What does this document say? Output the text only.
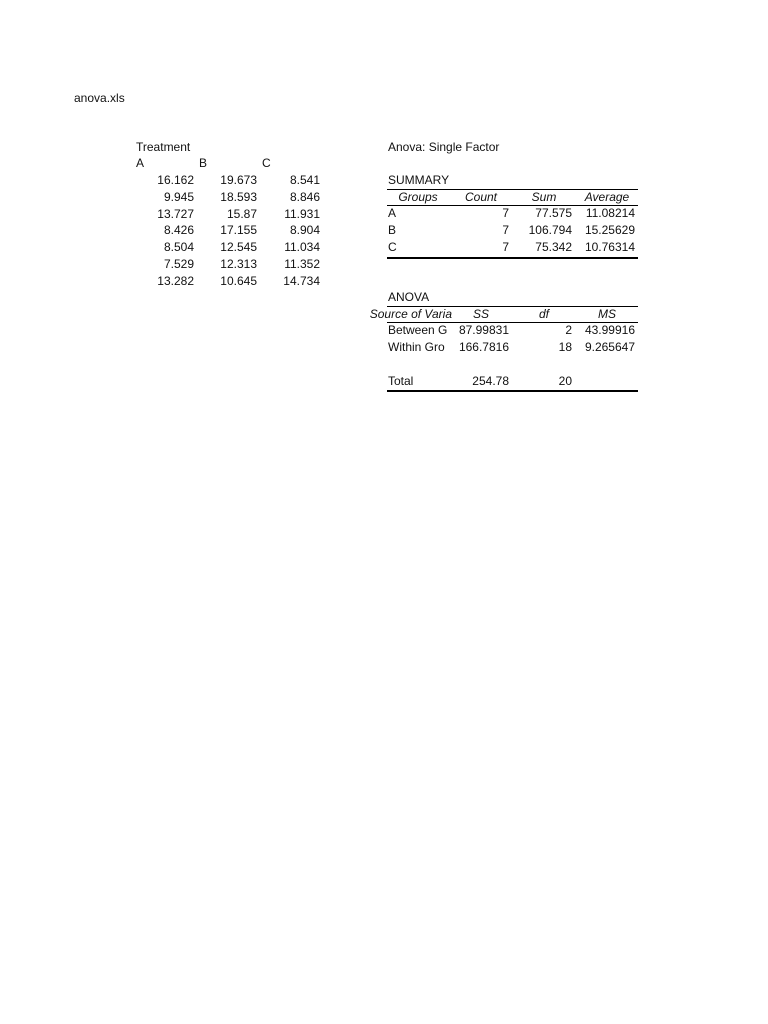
anova.xls
Treatment
A	B	C
16.162	19.673	8.541
9.945	18.593	8.846
13.727	15.87	11.931
8.426	17.155	8.904
8.504	12.545	11.034
7.529	12.313	11.352
13.282	10.645	14.734
Anova: Single Factor
SUMMARY
Groups	Count	Sum	Average
A	7	77.575	11.08214
B	7	106.794	15.25629
C	7	75.342	10.76314
ANOVA
Source of Varia	SS	df	MS
Between G 87.99831	2	43.99916
Within Gro	166.7816	18	9.265647
Total	254.78	20
